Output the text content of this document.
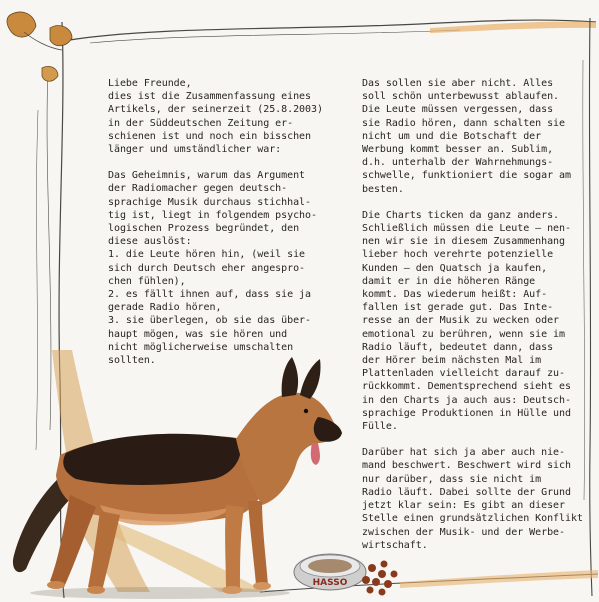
Liebe Freunde,
dies ist die Zusammenfassung eines
Artikels, der seinerzeit (25.8.2003)
in der Süddeutschen Zeitung er-
schienen ist und noch ein bisschen
länger und umständlicher war:

Das Geheimnis, warum das Argument
der Radiomacher gegen deutsch-
sprachige Musik durchaus stichhal-
tig ist, liegt in folgendem psycho-
logischen Prozess begründet, den
diese auslöst:
1. die Leute hören hin, (weil sie
sich durch Deutsch eher angespro-
chen fühlen),
2. es fällt ihnen auf, dass sie ja
gerade Radio hören,
3. sie überlegen, ob sie das über-
haupt mögen, was sie hören und
nicht möglicherweise umschalten
sollten.

Das sollen sie aber nicht. Alles
soll schön unterbewusst ablaufen.
Die Leute müssen vergessen, dass
sie Radio hören, dann schalten sie
nicht um und die Botschaft der
Werbung kommt besser an. Sublim,
d.h. unterhalb der Wahrnehmungs-
schwelle, funktioniert die sogar am
besten.

Die Charts ticken da ganz anders.
Schließlich müssen die Leute – nen-
nen wir sie in diesem Zusammenhang
lieber hoch verehrte potenzielle
Kunden – den Quatsch ja kaufen,
damit er in die höheren Ränge
kommt. Das wiederum heißt: Auf-
fallen ist gerade gut. Das Inte-
resse an der Musik zu wecken oder
emotional zu berühren, wenn sie im
Radio läuft, bedeutet dann, dass
der Hörer beim nächsten Mal im
Plattenladen vielleicht darauf zu-
rückkommt. Dementsprechend sieht es
in den Charts ja auch aus: Deutsch-
sprachige Produktionen in Hülle und
Fülle.

Darüber hat sich ja aber auch nie-
mand beschwert. Beschwert wird sich
nur darüber, dass sie nicht im
Radio läuft. Dabei sollte der Grund
jetzt klar sein: Es gibt an dieser
Stelle einen grundsätzlichen Konflikt
zwischen der Musik- und der Werbe-
wirtschaft.

HASSO
